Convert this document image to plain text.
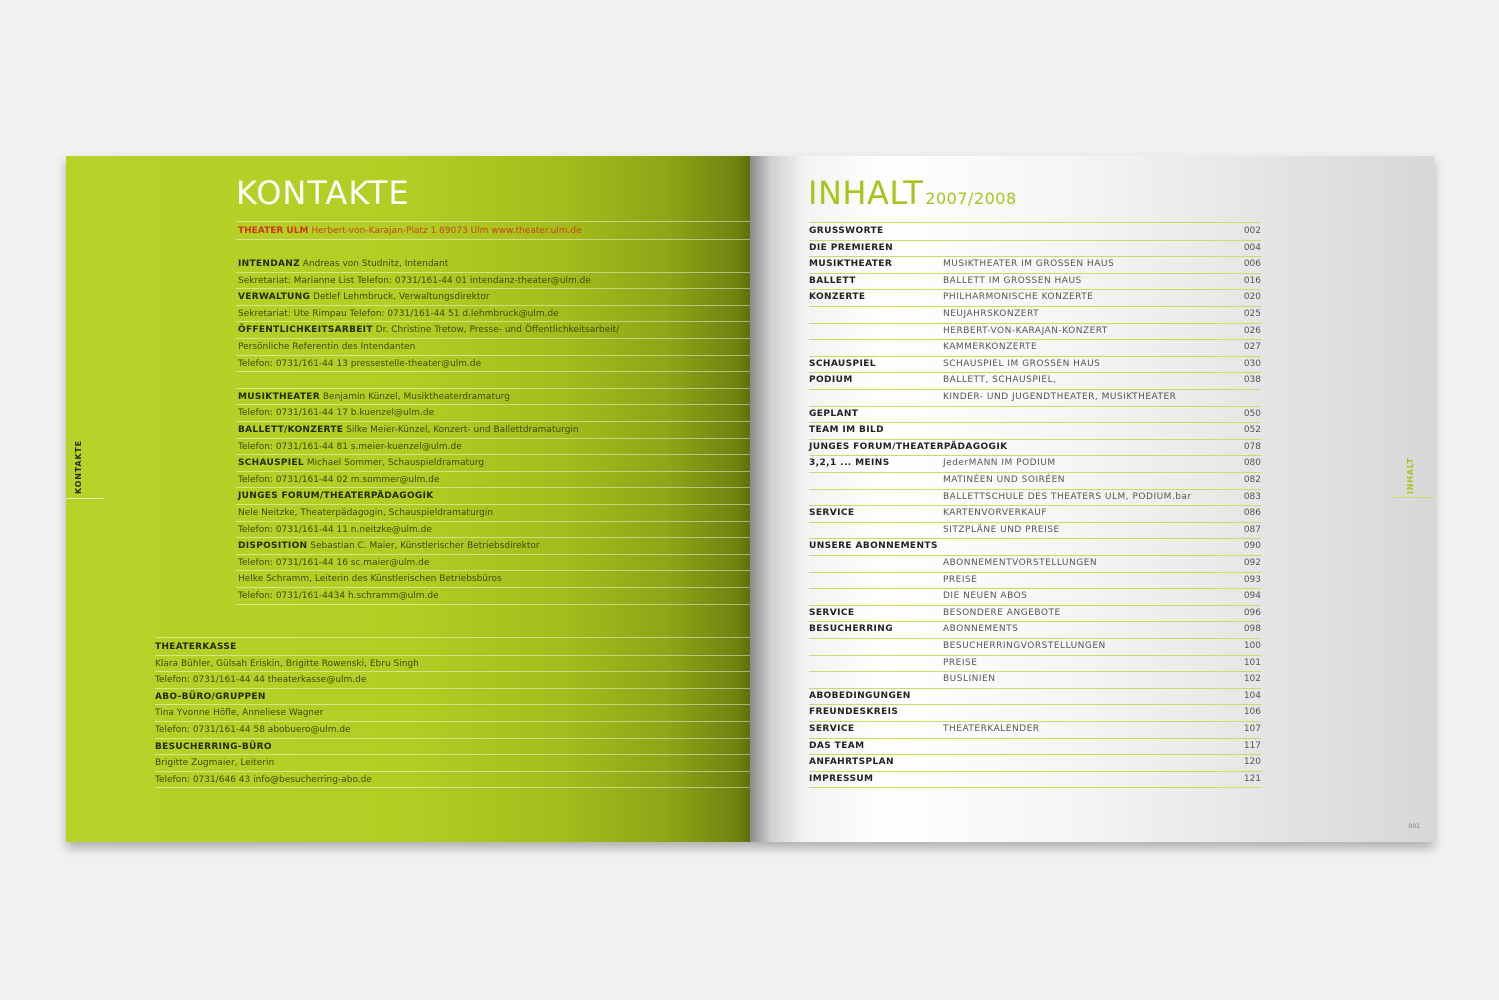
KONTAKTE
THEATER ULM Herbert-von-Karajan-Platz 1 89073 Ulm www.theater.ulm.de
INTENDANZ Andreas von Studnitz, Intendant
Sekretariat: Marianne List Telefon: 0731/161-44 01 intendanz-theater@ulm.de
VERWALTUNG Detlef Lehmbruck, Verwaltungsdirektor
Sekretariat: Ute Rimpau Telefon: 0731/161-44 51 d.lehmbruck@ulm.de
ÖFFENTLICHKEITSARBEIT Dr. Christine Tretow, Presse- und Öffentlichkeitsarbeit/
Persönliche Referentin des Intendanten
Telefon: 0731/161-44 13 pressestelle-theater@ulm.de
MUSIKTHEATER Benjamin Künzel, Musiktheaterdramaturg
Telefon: 0731/161-44 17 b.kuenzel@ulm.de
BALLETT/KONZERTE Silke Meier-Künzel, Konzert- und Ballettdramaturgin
Telefon: 0731/161-44 81 s.meier-kuenzel@ulm.de
SCHAUSPIEL Michael Sommer, Schauspieldramaturg
Telefon: 0731/161-44 02 m.sommer@ulm.de
JUNGES FORUM/THEATERPÄDAGOGIK
Nele Neitzke, Theaterpädagogin, Schauspieldramaturgin
Telefon: 0731/161-44 11 n.neitzke@ulm.de
DISPOSITION Sebastian C. Maier, Künstlerischer Betriebsdirektor
Telefon: 0731/161-44 16 sc.maier@ulm.de
Helke Schramm, Leiterin des Künstlerischen Betriebsbüros
Telefon: 0731/161-4434 h.schramm@ulm.de
THEATERKASSE
Klara Bühler, Gülsah Eriskin, Brigitte Rowenski, Ebru Singh
Telefon: 0731/161-44 44 theaterkasse@ulm.de
ABO-BÜRO/GRUPPEN
Tina Yvonne Höfle, Anneliese Wagner
Telefon: 0731/161-44 58 abobuero@ulm.de
BESUCHERRING-BÜRO
Brigitte Zugmaier, Leiterin
Telefon: 0731/646 43 info@besucherring-abo.de
KONTAKTE
INHALT 2007/2008
GRUSSWORTE	002
DIE PREMIEREN	004
MUSIKTHEATER	MUSIKTHEATER IM GROSSEN HAUS	006
BALLETT	BALLETT IM GROSSEN HAUS	016
KONZERTE	PHILHARMONISCHE KONZERTE	020
NEUJAHRSKONZERT	025
HERBERT-VON-KARAJAN-KONZERT	026
KAMMERKONZERTE	027
SCHAUSPIEL	SCHAUSPIEL IM GROSSEN HAUS	030
PODIUM	BALLETT, SCHAUSPIEL,	038
KINDER- UND JUGENDTHEATER, MUSIKTHEATER
GEPLANT	050
TEAM IM BILD	052
JUNGES FORUM/THEATERPÄDAGOGIK	078
3,2,1 ... MEINS	JederMANN IM PODIUM	080
MATINÉEN UND SOIRÉEN	082
BALLETTSCHULE DES THEATERS ULM, PODIUM.bar	083
SERVICE	KARTENVORVERKAUF	086
SITZPLÄNE UND PREISE	087
UNSERE ABONNEMENTS	090
ABONNEMENTVORSTELLUNGEN	092
PREISE	093
DIE NEUEN ABOS	094
SERVICE	BESONDERE ANGEBOTE	096
BESUCHERRING	ABONNEMENTS	098
BESUCHERRINGVORSTELLUNGEN	100
PREISE	101
BUSLINIEN	102
ABOBEDINGUNGEN	104
FREUNDESKREIS	106
SERVICE	THEATERKALENDER	107
DAS TEAM	117
ANFAHRTSPLAN	120
IMPRESSUM	121
INHALT
001
